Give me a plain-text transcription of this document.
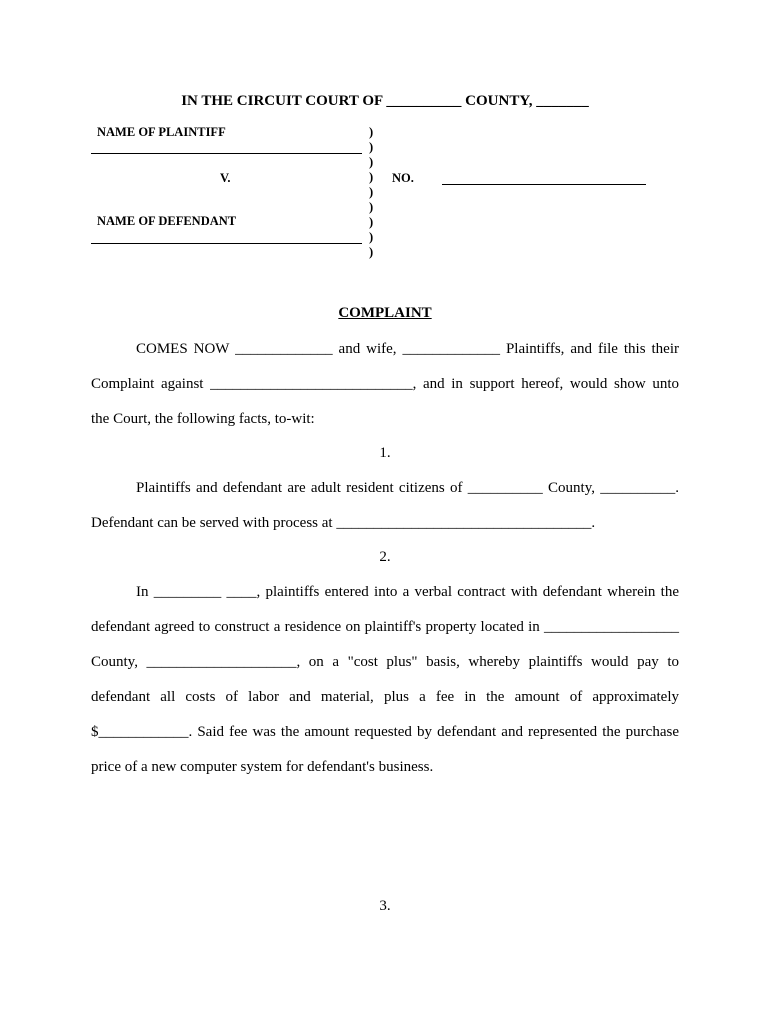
IN THE CIRCUIT COURT OF __________ COUNTY, _______
NAME OF PLAINTIFF
V.
NAME OF DEFENDANT
)
)
)
)
)
)
)
)
)
NO.
COMPLAINT
COMES NOW _____________ and wife, _____________ Plaintiffs, and file this their
Complaint against ___________________________, and in support hereof, would show unto
the Court, the following facts, to-wit:
1.
Plaintiffs and defendant are adult resident citizens of __________ County, __________.
Defendant can be served with process at __________________________________.
2.
In _________ ____, plaintiffs entered into a verbal contract with defendant wherein the
defendant agreed to construct a residence on plaintiff's property located in __________________
County, ____________________, on a "cost plus" basis, whereby plaintiffs would pay to
defendant all costs of labor and material, plus a fee in the amount of approximately
$____________. Said fee was the amount requested by defendant and represented the purchase
price of a new computer system for defendant's business.
3.
